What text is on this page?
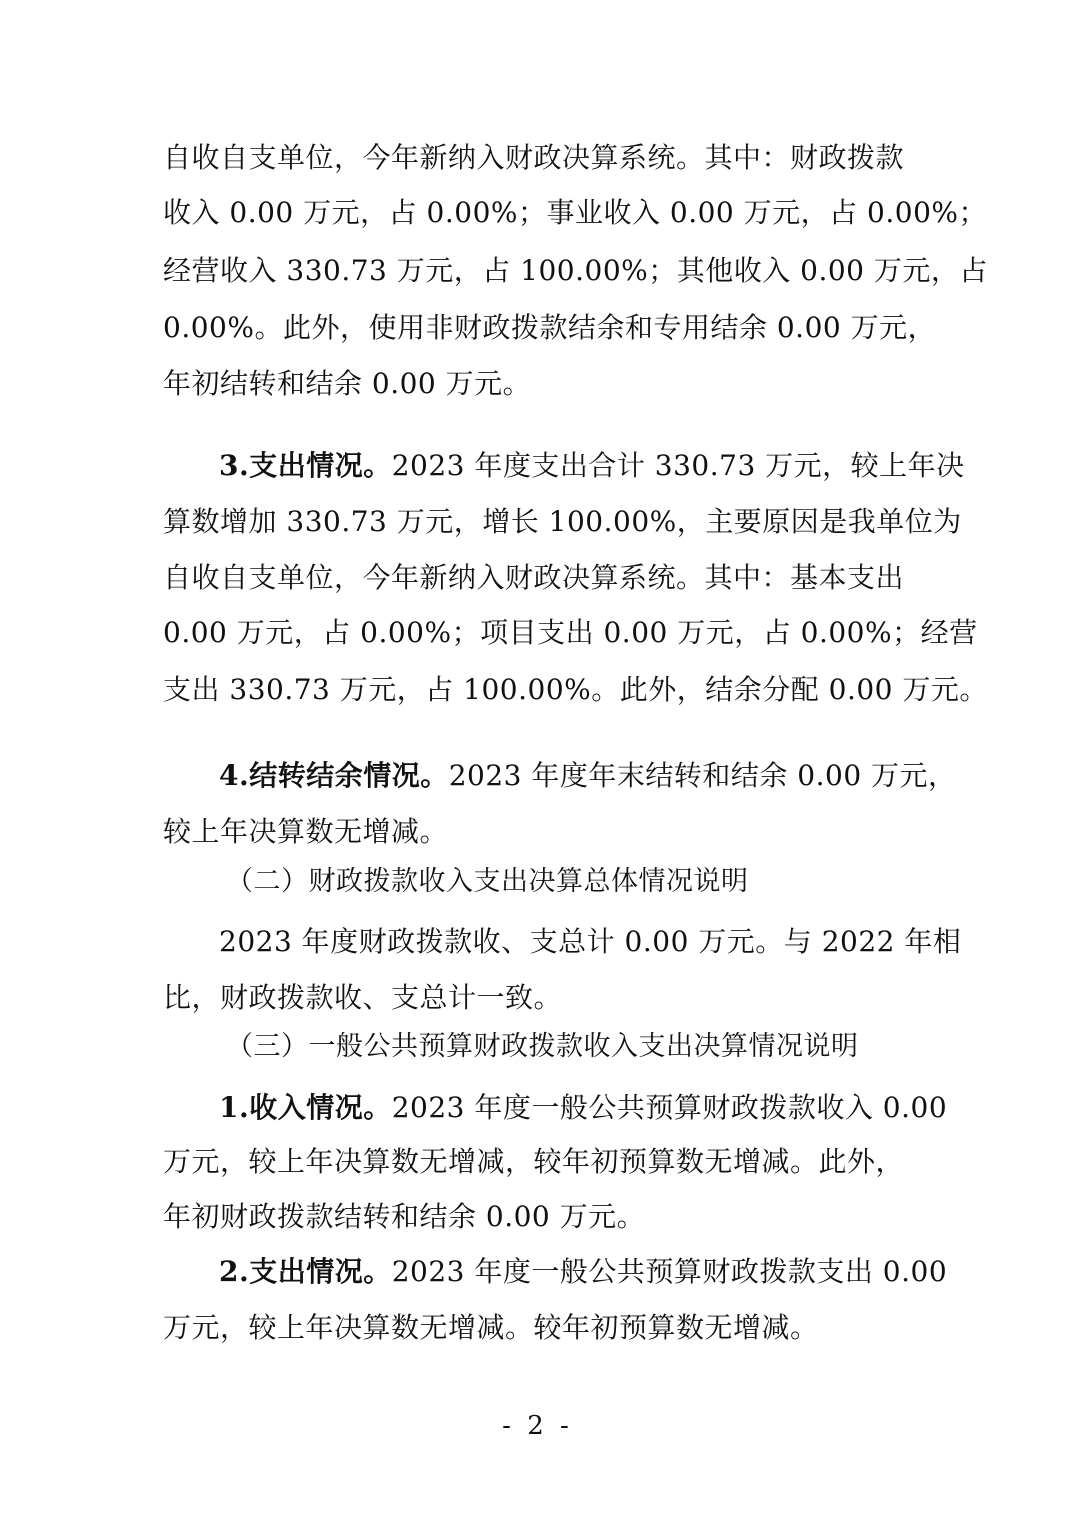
自收自支单位，今年新纳入财政决算系统。其中：财政拨款
收入 0.00 万元，占 0.00%；事业收入 0.00 万元，占 0.00%；
经营收入 330.73 万元，占 100.00%；其他收入 0.00 万元，占
0.00%。此外，使用非财政拨款结余和专用结余 0.00 万元，
年初结转和结余 0.00 万元。
3.支出情况。2023 年度支出合计 330.73 万元，较上年决
算数增加 330.73 万元，增长 100.00%，主要原因是我单位为
自收自支单位，今年新纳入财政决算系统。其中：基本支出
0.00 万元，占 0.00%；项目支出 0.00 万元，占 0.00%；经营
支出 330.73 万元，占 100.00%。此外，结余分配 0.00 万元。
4.结转结余情况。2023 年度年末结转和结余 0.00 万元，
较上年决算数无增减。
（二）财政拨款收入支出决算总体情况说明
2023 年度财政拨款收、支总计 0.00 万元。与 2022 年相
比，财政拨款收、支总计一致。
（三）一般公共预算财政拨款收入支出决算情况说明
1.收入情况。2023 年度一般公共预算财政拨款收入 0.00
万元，较上年决算数无增减，较年初预算数无增减。此外，
年初财政拨款结转和结余 0.00 万元。
2.支出情况。2023 年度一般公共预算财政拨款支出 0.00
万元，较上年决算数无增减。较年初预算数无增减。
- 2 -
